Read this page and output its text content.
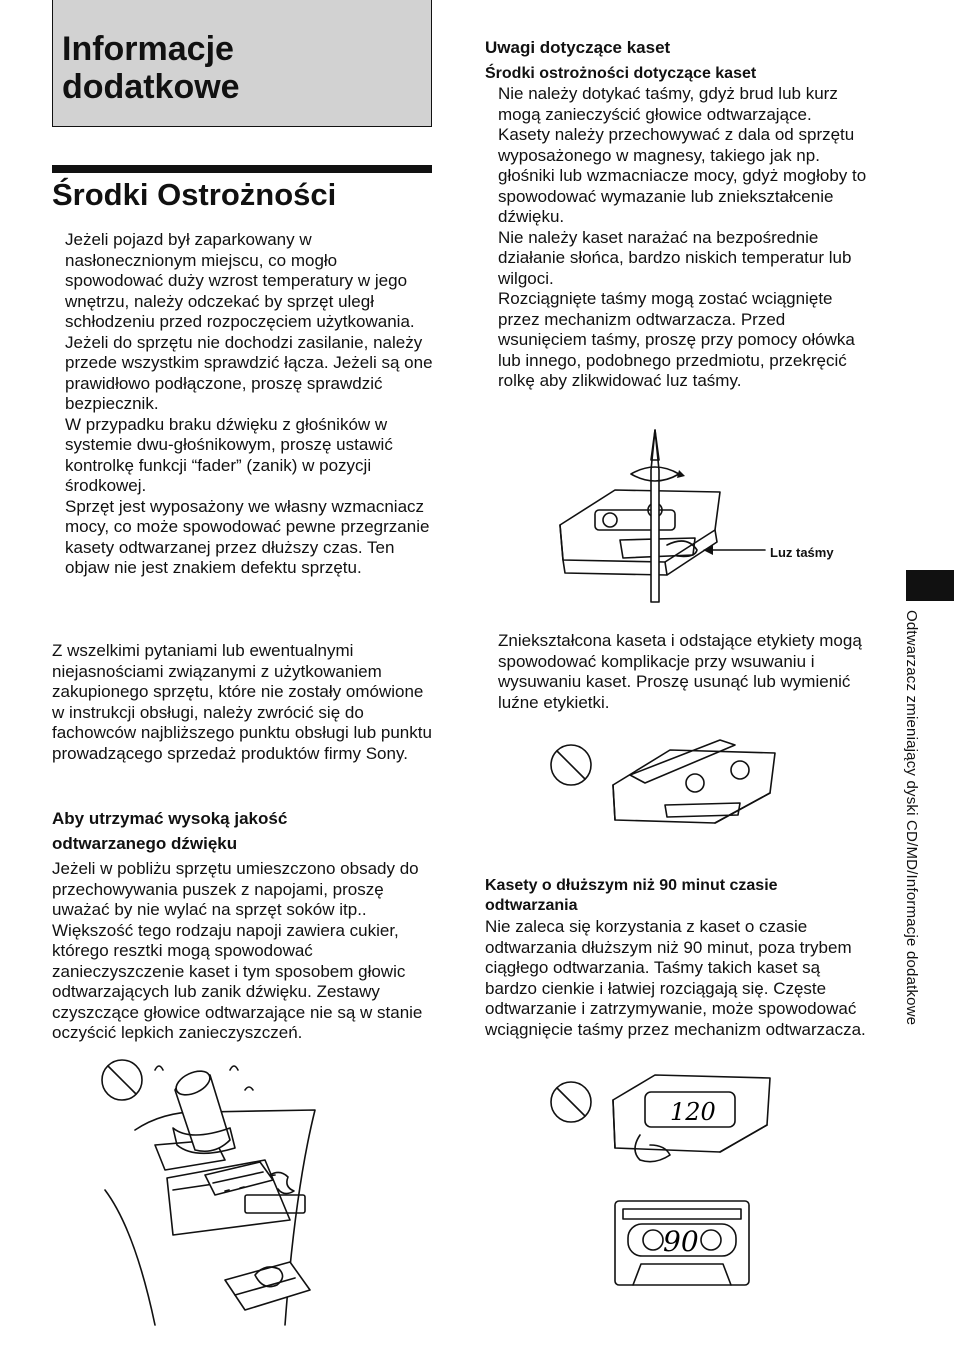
Informacje
dodatkowe
Środki Ostrożności

Jeżeli pojazd był zaparkowany w nasłonecznionym miejscu, co mogło spowodować duży wzrost temperatury w jego wnętrzu, należy odczekać by sprzęt uległ schłodzeniu przed rozpoczęciem użytkowania.

Jeżeli do sprzętu nie dochodzi zasilanie, należy przede wszystkim sprawdzić łącza. Jeżeli są one prawidłowo podłączone, proszę sprawdzić bezpiecznik.

W przypadku braku dźwięku z głośników w systemie dwu-głośnikowym, proszę ustawić kontrolkę funkcji “fader” (zanik) w pozycji środkowej.

Sprzęt jest wyposażony we własny wzmacniacz mocy, co może spowodować pewne przegrzanie kasety odtwarzanej przez dłuższy czas. Ten objaw nie jest znakiem defektu sprzętu.

Z wszelkimi pytaniami lub ewentualnymi niejasnościami związanymi z użytkowaniem zakupionego sprzętu, które nie zostały omówione w instrukcji obsługi, należy zwrócić się do fachowców najbliższego punktu obsługi lub punktu prowadzącego sprzedaż produktów firmy Sony.

Aby utrzymać wysoką jakość odtwarzanego dźwięku

Jeżeli w pobliżu sprzętu umieszczono obsady do przechowywania puszek z napojami, proszę uważać by nie wylać na sprzęt soków itp.. Większość tego rodzaju napoji zawiera cukier, którego resztki mogą spowodować zanieczyszczenie kaset i tym sposobem głowic odtwarzających lub zanik dźwięku. Zestawy czyszczące głowice odtwarzające nie są w stanie oczyścić lepkich zanieczyszczeń.

Uwagi dotyczące kaset
Środki ostrożności dotyczące kaset

Nie należy dotykać taśmy, gdyż brud lub kurz mogą zanieczyścić głowice odtwarzające.

Kasety należy przechowywać z dala od sprzętu wyposażonego w magnesy, takiego jak np. głośniki lub wzmacniacze mocy, gdyż mogłoby to spowodować wymazanie lub zniekształcenie dźwięku.

Nie należy kaset narażać na bezpośrednie działanie słońca, bardzo niskich temperatur lub wilgoci.

Rozciągnięte taśmy mogą zostać wciągnięte przez mechanizm odtwarzacza. Przed wsunięciem taśmy, proszę przy pomocy ołówka lub innego, podobnego przedmiotu, przekręcić rolkę aby zlikwidować luz taśmy.

Luz taśmy

Zniekształcona kaseta i odstające etykiety mogą spowodować komplikacje przy wsuwaniu i wysuwaniu kaset. Proszę usunąć lub wymienić luźne etykietki.

Kasety o dłuższym niż 90 minut czasie odtwarzania

Nie zaleca się korzystania z kaset o czasie odtwarzania dłuższym niż 90 minut, poza trybem ciągłego odtwarzania. Taśmy takich kaset są bardzo cienkie i łatwiej rozciągają się. Częste odtwarzanie i zatrzymywanie, może spowodować wciągnięcie taśmy przez mechanizm odtwarzacza.

120
90
Odtwarzacz zmieniający dyski CD/MD/Informacje dodatkowe
